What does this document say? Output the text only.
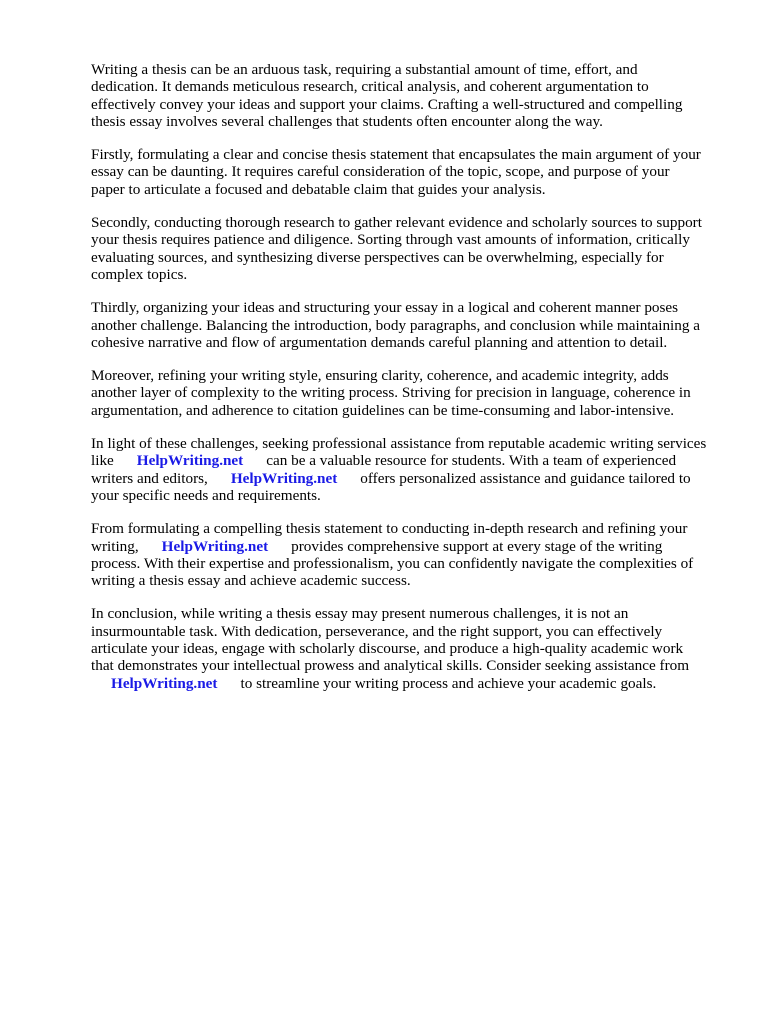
Writing a thesis can be an arduous task, requiring a substantial amount of time, effort, and
dedication. It demands meticulous research, critical analysis, and coherent argumentation to
effectively convey your ideas and support your claims. Crafting a well-structured and compelling
thesis essay involves several challenges that students often encounter along the way.

Firstly, formulating a clear and concise thesis statement that encapsulates the main argument of your
essay can be daunting. It requires careful consideration of the topic, scope, and purpose of your
paper to articulate a focused and debatable claim that guides your analysis.

Secondly, conducting thorough research to gather relevant evidence and scholarly sources to support
your thesis requires patience and diligence. Sorting through vast amounts of information, critically
evaluating sources, and synthesizing diverse perspectives can be overwhelming, especially for
complex topics.

Thirdly, organizing your ideas and structuring your essay in a logical and coherent manner poses
another challenge. Balancing the introduction, body paragraphs, and conclusion while maintaining a
cohesive narrative and flow of argumentation demands careful planning and attention to detail.

Moreover, refining your writing style, ensuring clarity, coherence, and academic integrity, adds
another layer of complexity to the writing process. Striving for precision in language, coherence in
argumentation, and adherence to citation guidelines can be time-consuming and labor-intensive.

In light of these challenges, seeking professional assistance from reputable academic writing services
like HelpWriting.net can be a valuable resource for students. With a team of experienced
writers and editors, HelpWriting.net offers personalized assistance and guidance tailored to
your specific needs and requirements.

From formulating a compelling thesis statement to conducting in-depth research and refining your
writing, HelpWriting.net provides comprehensive support at every stage of the writing
process. With their expertise and professionalism, you can confidently navigate the complexities of
writing a thesis essay and achieve academic success.

In conclusion, while writing a thesis essay may present numerous challenges, it is not an
insurmountable task. With dedication, perseverance, and the right support, you can effectively
articulate your ideas, engage with scholarly discourse, and produce a high-quality academic work
that demonstrates your intellectual prowess and analytical skills. Consider seeking assistance from
HelpWriting.net to streamline your writing process and achieve your academic goals.
